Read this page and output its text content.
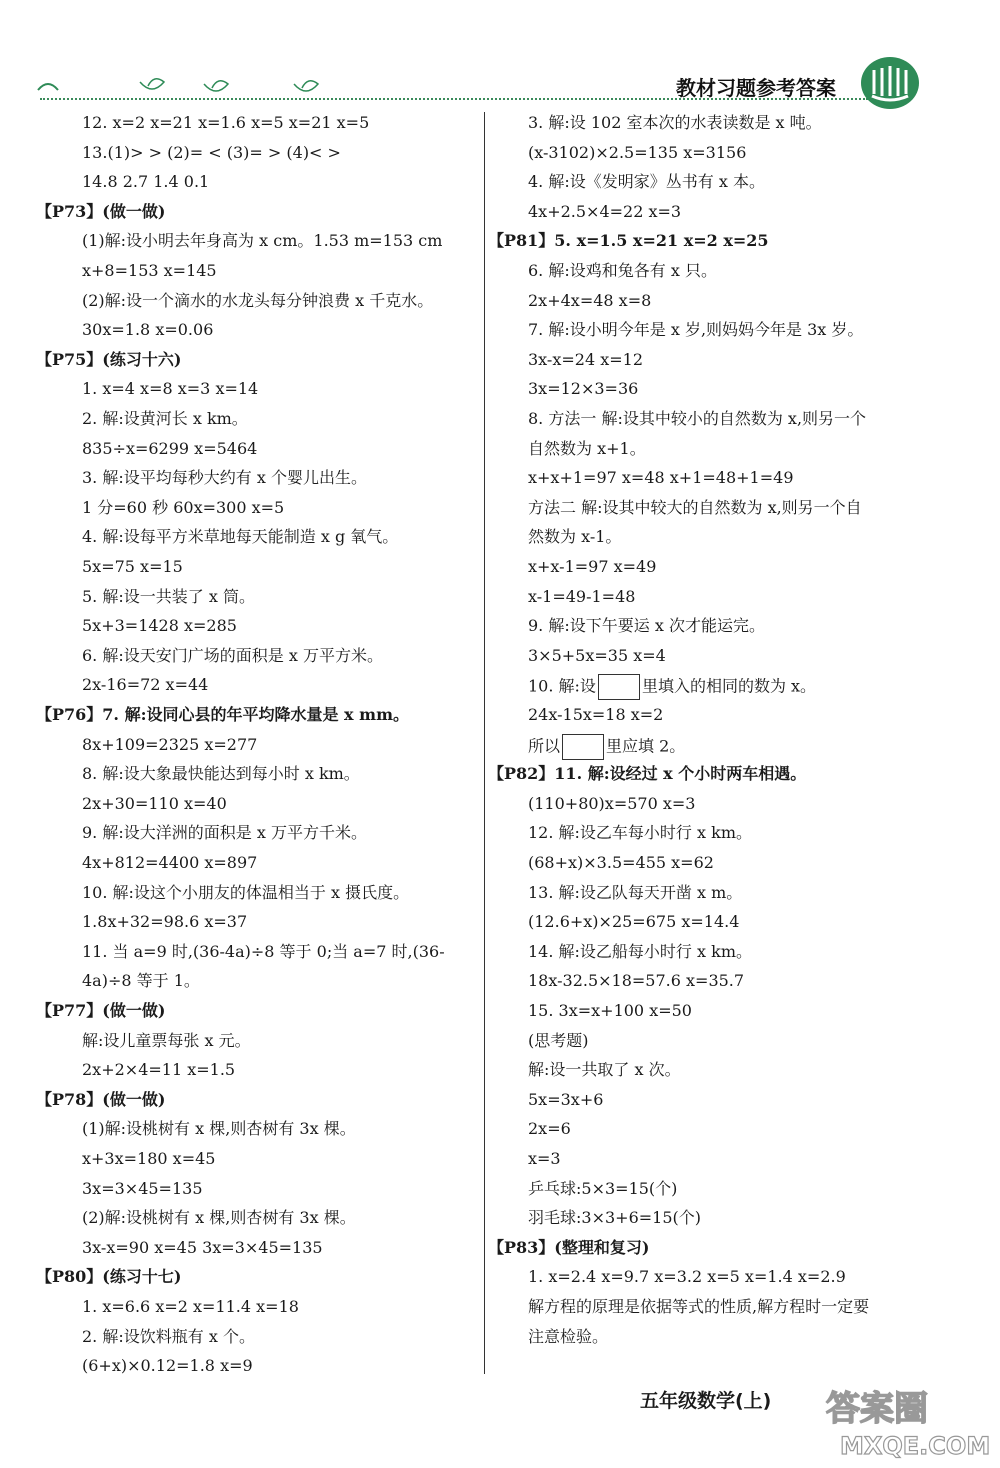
教材习题参考答案
12. x=2 x=21 x=1.6 x=5 x=21 x=5
13.(1)> > (2)= < (3)= > (4)< >
14.8 2.7 1.4 0.1
【P73】(做一做)
(1)解:设小明去年身高为 x cm。1.53 m=153 cm
x+8=153 x=145
(2)解:设一个滴水的水龙头每分钟浪费 x 千克水。
30x=1.8 x=0.06
【P75】(练习十六)
1. x=4 x=8 x=3 x=14
2. 解:设黄河长 x km。
835÷x=6299 x=5464
3. 解:设平均每秒大约有 x 个婴儿出生。
1 分=60 秒 60x=300 x=5
4. 解:设每平方米草地每天能制造 x g 氧气。
5x=75 x=15
5. 解:设一共装了 x 筒。
5x+3=1428 x=285
6. 解:设天安门广场的面积是 x 万平方米。
2x-16=72 x=44
【P76】7. 解:设同心县的年平均降水量是 x mm。
8x+109=2325 x=277
8. 解:设大象最快能达到每小时 x km。
2x+30=110 x=40
9. 解:设大洋洲的面积是 x 万平方千米。
4x+812=4400 x=897
10. 解:设这个小朋友的体温相当于 x 摄氏度。
1.8x+32=98.6 x=37
11. 当 a=9 时,(36-4a)÷8 等于 0;当 a=7 时,(36-
4a)÷8 等于 1。
【P77】(做一做)
解:设儿童票每张 x 元。
2x+2×4=11 x=1.5
【P78】(做一做)
(1)解:设桃树有 x 棵,则杏树有 3x 棵。
x+3x=180 x=45
3x=3×45=135
(2)解:设桃树有 x 棵,则杏树有 3x 棵。
3x-x=90 x=45 3x=3×45=135
【P80】(练习十七)
1. x=6.6 x=2 x=11.4 x=18
2. 解:设饮料瓶有 x 个。
(6+x)×0.12=1.8 x=9
3. 解:设 102 室本次的水表读数是 x 吨。
(x-3102)×2.5=135 x=3156
4. 解:设《发明家》丛书有 x 本。
4x+2.5×4=22 x=3
【P81】5. x=1.5 x=21 x=2 x=25
6. 解:设鸡和兔各有 x 只。
2x+4x=48 x=8
7. 解:设小明今年是 x 岁,则妈妈今年是 3x 岁。
3x-x=24 x=12
3x=12×3=36
8. 方法一 解:设其中较小的自然数为 x,则另一个
自然数为 x+1。
x+x+1=97 x=48 x+1=48+1=49
方法二 解:设其中较大的自然数为 x,则另一个自
然数为 x-1。
x+x-1=97 x=49
x-1=49-1=48
9. 解:设下午要运 x 次才能运完。
3×5+5x=35 x=4
10. 解:设	里填入的相同的数为 x。
24x-15x=18 x=2
所以	里应填 2。
【P82】11. 解:设经过 x 个小时两车相遇。
(110+80)x=570 x=3
12. 解:设乙车每小时行 x km。
(68+x)×3.5=455 x=62
13. 解:设乙队每天开凿 x m。
(12.6+x)×25=675 x=14.4
14. 解:设乙船每小时行 x km。
18x-32.5×18=57.6 x=35.7
15. 3x=x+100 x=50
(思考题)
解:设一共取了 x 次。
5x=3x+6
2x=6
x=3
乒乓球:5×3=15(个)
羽毛球:3×3+6=15(个)
【P83】(整理和复习)
1. x=2.4 x=9.7 x=3.2 x=5 x=1.4 x=2.9
解方程的原理是依据等式的性质,解方程时一定要
注意检验。
五年级数学(上) 答案圈
MXQE.COM
